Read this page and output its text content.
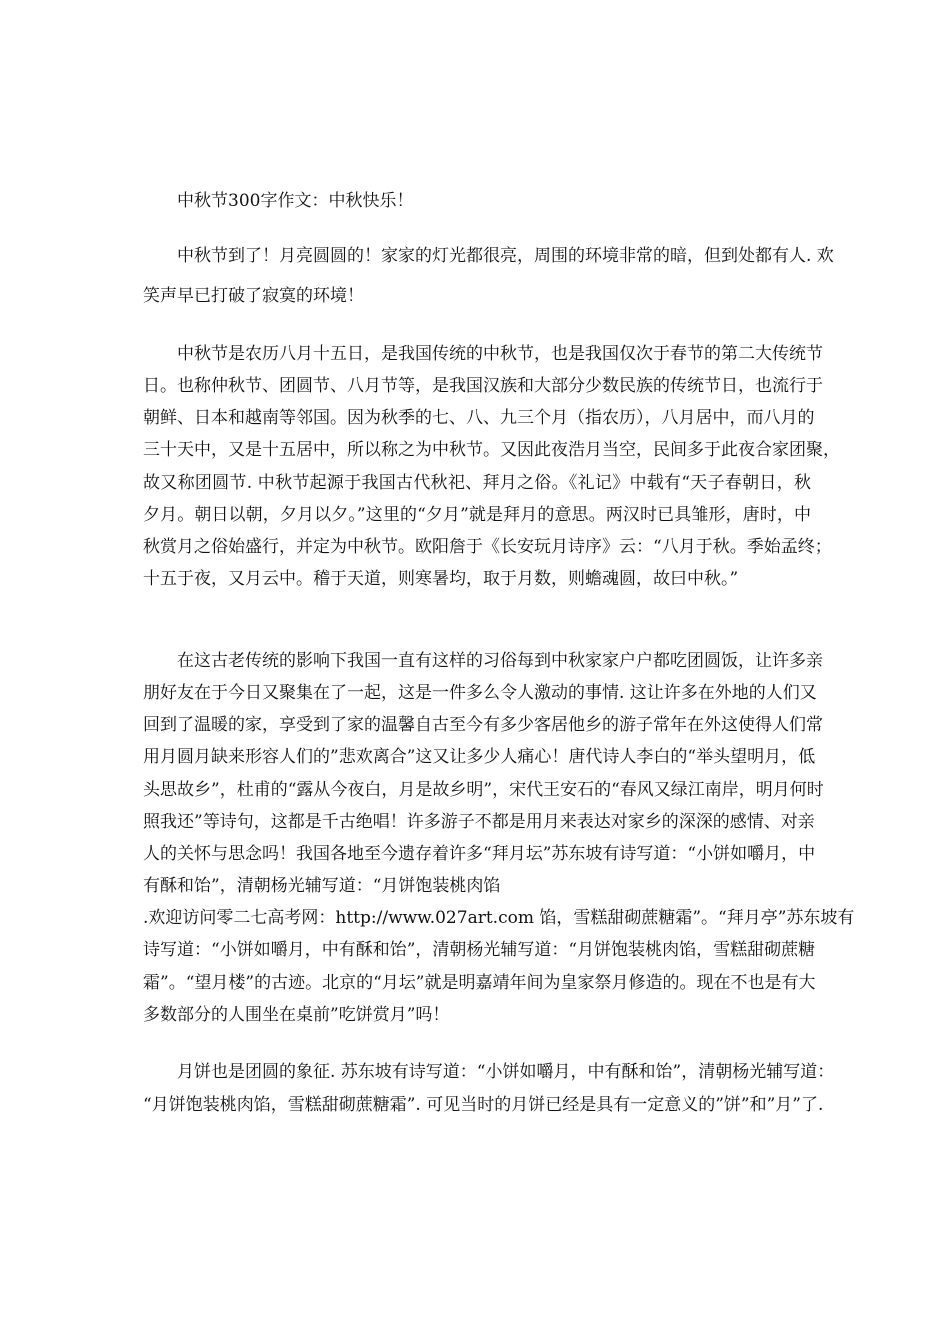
中秋节300字作文：中秋快乐！
中秋节到了！月亮圆圆的！家家的灯光都很亮，周围的环境非常的暗，但到处都有人. 欢
笑声早已打破了寂寞的环境！
中秋节是农历八月十五日，是我国传统的中秋节，也是我国仅次于春节的第二大传统节
日。也称仲秋节、团圆节、八月节等，是我国汉族和大部分少数民族的传统节日，也流行于
朝鲜、日本和越南等邻国。因为秋季的七、八、九三个月（指农历），八月居中，而八月的
三十天中，又是十五居中，所以称之为中秋节。又因此夜浩月当空，民间多于此夜合家团聚，
故又称团圆节. 中秋节起源于我国古代秋祀、拜月之俗。《礼记》中载有“天子春朝日，秋
夕月。朝日以朝，夕月以夕。”这里的“夕月”就是拜月的意思。两汉时已具雏形，唐时，中
秋赏月之俗始盛行，并定为中秋节。欧阳詹于《长安玩月诗序》云：“八月于秋。季始孟终；
十五于夜，又月云中。稽于天道，则寒暑均，取于月数，则蟾魂圆，故曰中秋。”
在这古老传统的影响下我国一直有这样的习俗每到中秋家家户户都吃团圆饭，让许多亲
朋好友在于今日又聚集在了一起，这是一件多么令人激动的事情. 这让许多在外地的人们又
回到了温暖的家，享受到了家的温馨自古至今有多少客居他乡的游子常年在外这使得人们常
用月圆月缺来形容人们的”悲欢离合”这又让多少人痛心！唐代诗人李白的“举头望明月，低
头思故乡”，杜甫的“露从今夜白，月是故乡明”，宋代王安石的“春风又绿江南岸，明月何时
照我还”等诗句，这都是千古绝唱！许多游子不都是用月来表达对家乡的深深的感情、对亲
人的关怀与思念吗！我国各地至今遗存着许多“拜月坛”苏东坡有诗写道：“小饼如嚼月，中
有酥和饴”，清朝杨光辅写道：“月饼饱装桃肉馅
.欢迎访问零二七高考网：http://www.027art.com 馅，雪糕甜砌蔗糖霜”。“拜月亭”苏东坡有
诗写道：“小饼如嚼月，中有酥和饴”，清朝杨光辅写道：“月饼饱装桃肉馅，雪糕甜砌蔗糖
霜”。“望月楼”的古迹。北京的“月坛”就是明嘉靖年间为皇家祭月修造的。现在不也是有大
多数部分的人围坐在桌前”吃饼赏月”吗！
月饼也是团圆的象征. 苏东坡有诗写道：“小饼如嚼月，中有酥和饴”，清朝杨光辅写道：
“月饼饱装桃肉馅，雪糕甜砌蔗糖霜”. 可见当时的月饼已经是具有一定意义的”饼”和”月”了.
